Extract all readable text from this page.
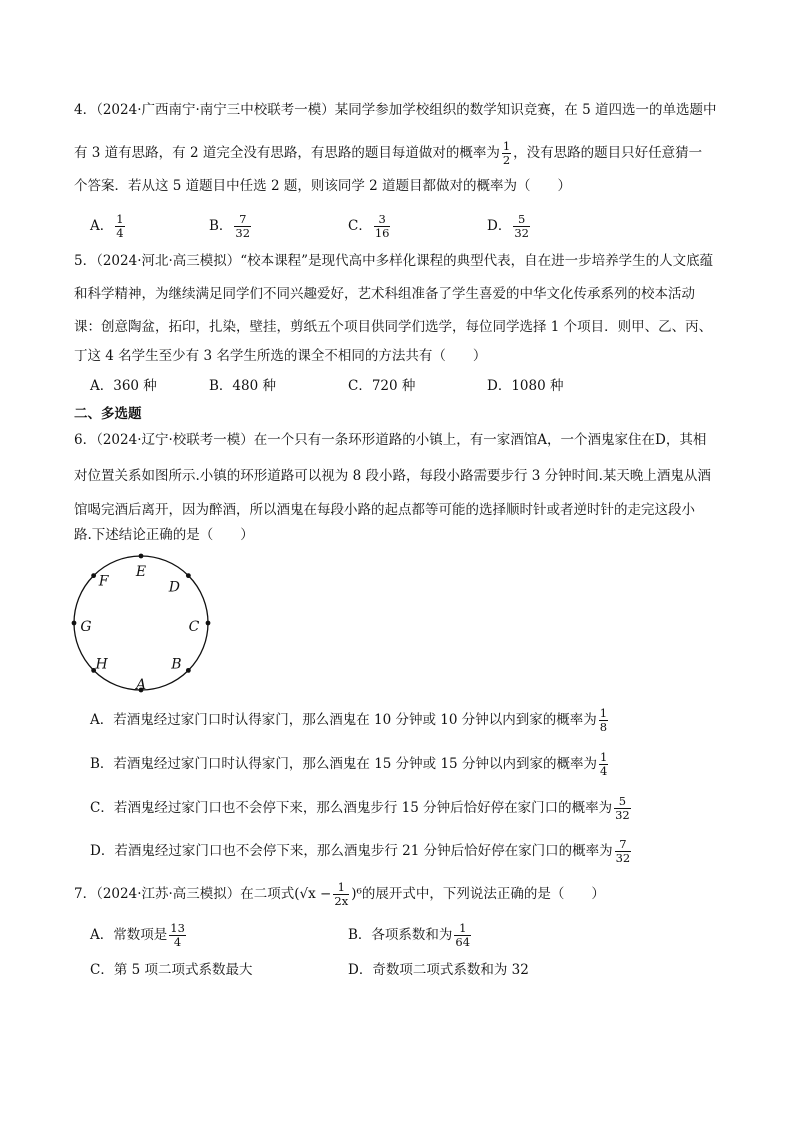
4．（2024·广西南宁·南宁三中校联考一模）某同学参加学校组织的数学知识竞赛，在 5 道四选一的单选题中
有 3 道有思路，有 2 道完全没有思路，有思路的题目每道做对的概率为 $\frac{1}{2}$ ，没有思路的题目只好任意猜一
个答案．若从这 5 道题目中任选 2 题，则该同学 2 道题目都做对的概率为（　　）
A． $\frac{1}{4}$	B． $\frac{7}{32}$	C． $\frac{3}{16}$	D． $\frac{5}{32}$
5．（2024·河北·高三模拟）“校本课程”是现代高中多样化课程的典型代表，自在进一步培养学生的人文底蕴
和科学精神，为继续满足同学们不同兴趣爱好，艺术科组准备了学生喜爱的中华文化传承系列的校本活动
课：创意陶盆，拓印，扎染，壁挂，剪纸五个项目供同学们选学，每位同学选择 1 个项目．则甲、乙、丙、
丁这 4 名学生至少有 3 名学生所选的课全不相同的方法共有（　　）
A．360 种	B．480 种	C．720 种	D．1080 种
二、多选题
6．（2024·辽宁·校联考一模）在一个只有一条环形道路的小镇上，有一家酒馆A，一个酒鬼家住在D，其相
对位置关系如图所示.小镇的环形道路可以视为 8 段小路，每段小路需要步行 3 分钟时间.某天晚上酒鬼从酒
馆喝完酒后离开，因为醉酒，所以酒鬼在每段小路的起点都等可能的选择顺时针或者逆时针的走完这段小
路.下述结论正确的是（　　）
E
D
F
G	C
H	B
A
A．若酒鬼经过家门口时认得家门，那么酒鬼在 10 分钟或 10 分钟以内到家的概率为 $\frac{1}{8}$
B．若酒鬼经过家门口时认得家门，那么酒鬼在 15 分钟或 15 分钟以内到家的概率为 $\frac{1}{4}$
C．若酒鬼经过家门口也不会停下来，那么酒鬼步行 15 分钟后恰好停在家门口的概率为 $\frac{5}{32}$
D．若酒鬼经过家门口也不会停下来，那么酒鬼步行 21 分钟后恰好停在家门口的概率为 $\frac{7}{32}$
7．（2024·江苏·高三模拟）在二项式$(√x - \frac{1}{2x} )^6$的展开式中，下列说法正确的是（　　）
A．常数项是 $\frac{13}{4}$	B．各项系数和为 $\frac{1}{64}$
C．第 5 项二项式系数最大	D．奇数项二项式系数和为 32
